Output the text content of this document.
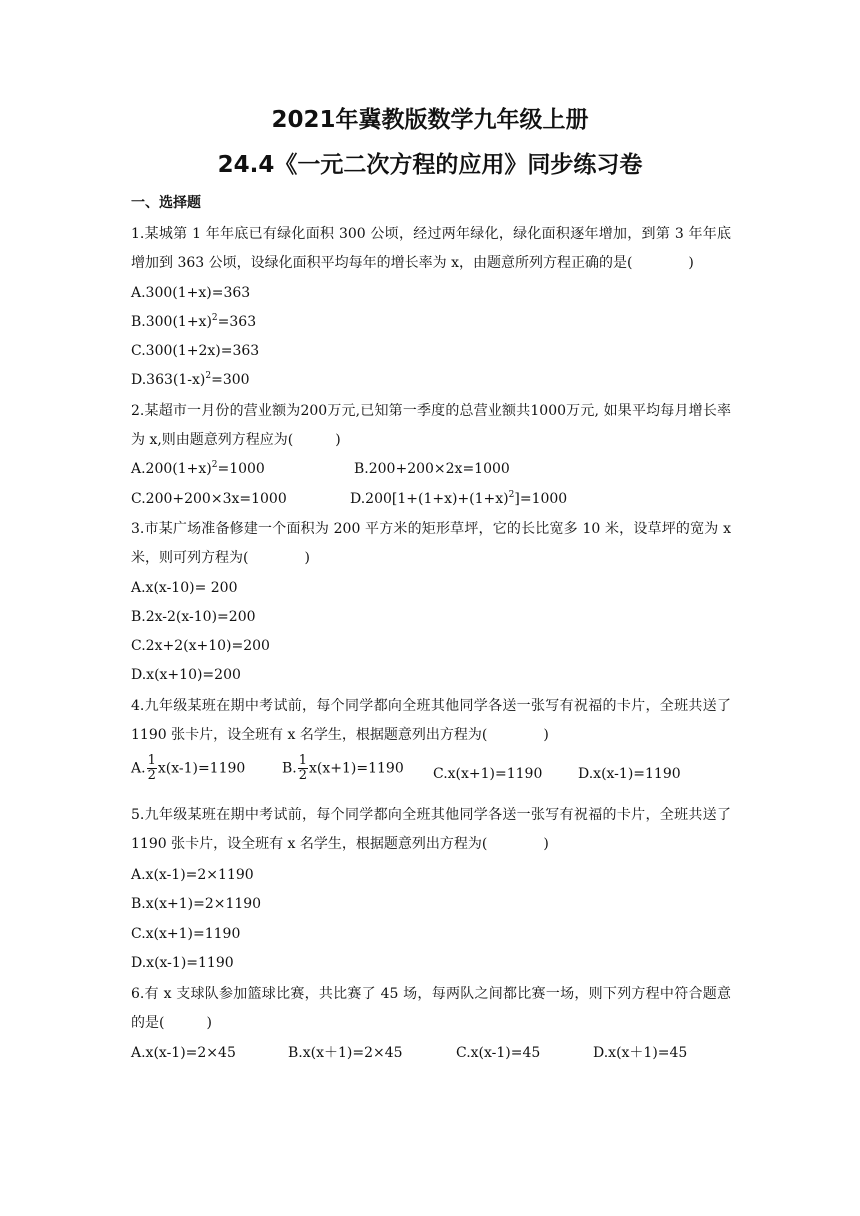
2021年冀教版数学九年级上册
24.4《一元二次方程的应用》同步练习卷
一、选择题
1.某城第 1 年年底已有绿化面积 300 公顷，经过两年绿化，绿化面积逐年增加，到第 3 年年底增加到 363 公顷，设绿化面积平均每年的增长率为 x，由题意所列方程正确的是(　　　　)
A.300(1+x)=363
$B.300(1+x)^2=363$
C.300(1+2x)=363
$D.363(1-x)^2=300$
2.某超市一月份的营业额为200万元,已知第一季度的总营业额共1000万元, 如果平均每月增长率为 x,则由题意列方程应为(　　　)
$A.200(1+x)^2=1000$	B.200+200×2x=1000
C.200+200×3x=1000	$D.200[1+(1+x)+(1+x)^2]=1000$
3.市某广场准备修建一个面积为 200 平方米的矩形草坪，它的长比宽多 10 米，设草坪的宽为 x 米，则可列方程为(　　　　)
A.x(x-10)= 200
B.2x-2(x-10)=200
C.2x+2(x+10)=200
D.x(x+10)=200
4.九年级某班在期中考试前，每个同学都向全班其他同学各送一张写有祝福的卡片，全班共送了 1190 张卡片，设全班有 x 名学生，根据题意列出方程为(　　　　)
A. $\frac{1}{2} x(x-1)=1190$	B. $\frac{1}{2} x(x+1)=1190$ C.x(x+1)=1190	D.x(x-1)=1190
5.九年级某班在期中考试前，每个同学都向全班其他同学各送一张写有祝福的卡片，全班共送了 1190 张卡片，设全班有 x 名学生，根据题意列出方程为(　　　　)
A.x(x-1)=2×1190
B.x(x+1)=2×1190
C.x(x+1)=1190
D.x(x-1)=1190
6.有 x 支球队参加篮球比赛，共比赛了 45 场，每两队之间都比赛一场，则下列方程中符合题意的是(　　　)
A.x(x-1)=2×45	B.x(x＋1)=2×45	C.x(x-1)=45	D.x(x＋1)=45
